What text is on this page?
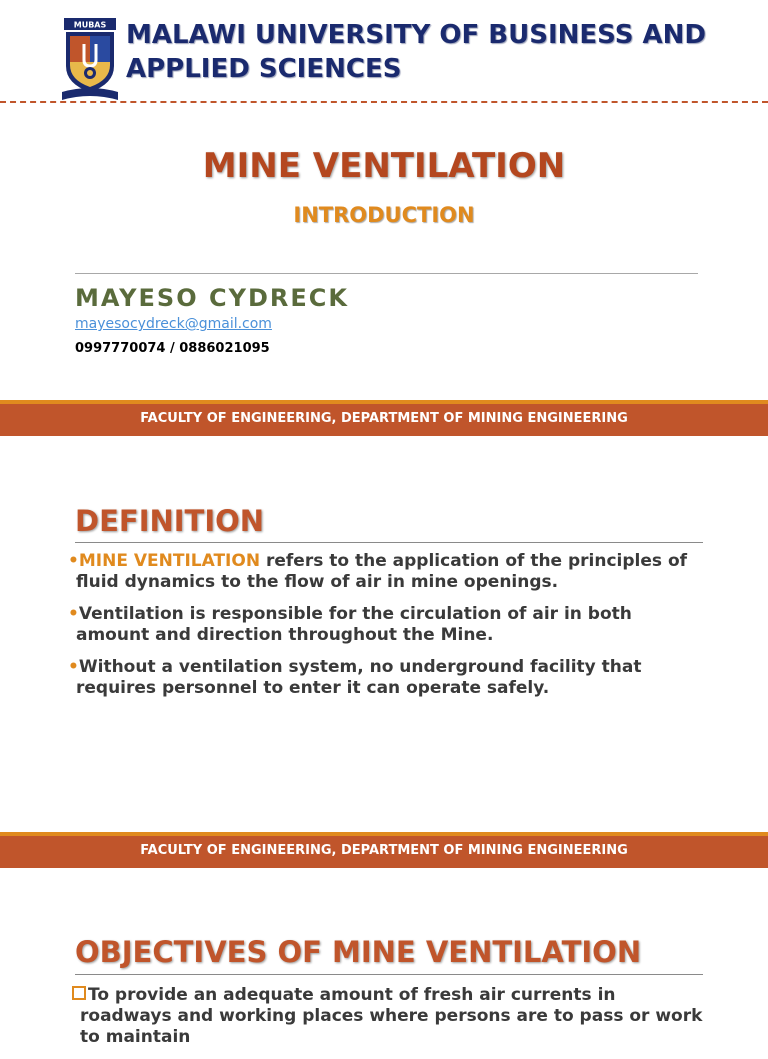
MUBAS MALAWI UNIVERSITY OF BUSINESS AND
APPLIED SCIENCES
MINE VENTILATION
INTRODUCTION
MAYESO CYDRECK
mayesocydreck@gmail.com
0997770074 / 0886021095
FACULTY OF ENGINEERING, DEPARTMENT OF MINING ENGINEERING
DEFINITION
•MINE VENTILATION refers to the application of the principles of fluid dynamics to the flow of air in mine openings.
•Ventilation is responsible for the circulation of air in both amount and direction throughout the Mine.
•Without a ventilation system, no underground facility that requires personnel to enter it can operate safely.
FACULTY OF ENGINEERING, DEPARTMENT OF MINING ENGINEERING
OBJECTIVES OF MINE VENTILATION
To provide an adequate amount of fresh air currents in roadways and working places where persons are to pass or work to maintain
